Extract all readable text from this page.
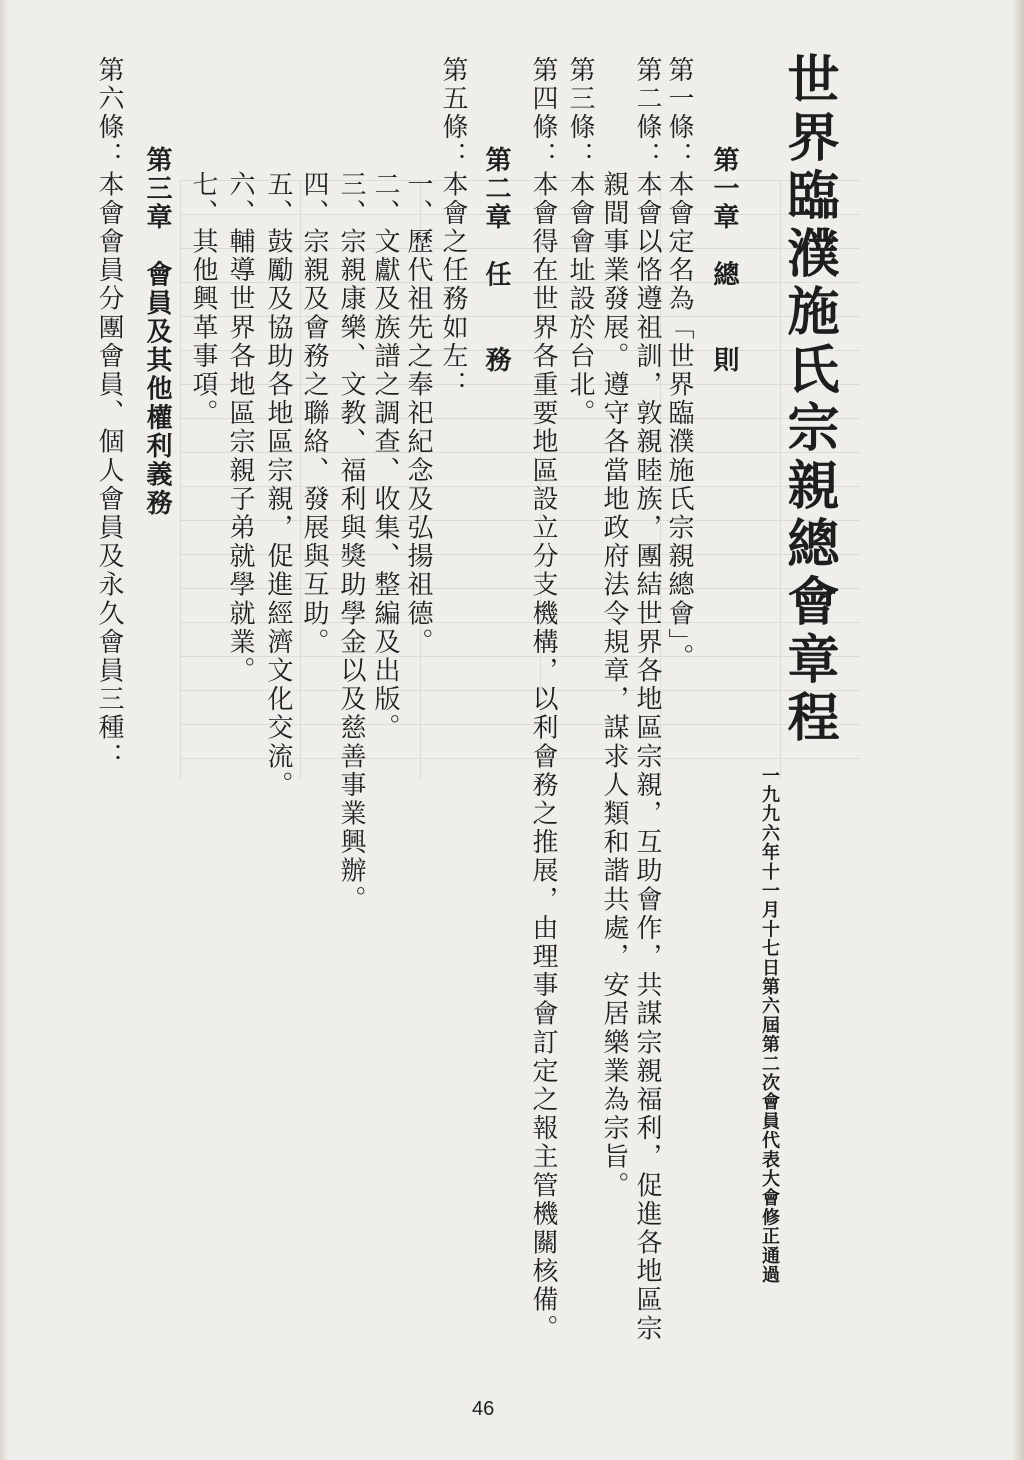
世界臨濮施氏宗親總會章程
一九九六年十一月十七日第六屆第二次會員代表大會修正通過
第一章　總　　則
第一條：本會定名為「世界臨濮施氏宗親總會」。
第二條：本會以恪遵祖訓，敦親睦族，團結世界各地區宗親，互助會作，共謀宗親福利，促進各地區宗
　　　　親間事業發展。遵守各當地政府法令規章，謀求人類和諧共處，安居樂業為宗旨。
第三條：本會會址設於台北。
第四條：本會得在世界各重要地區設立分支機構，以利會務之推展，由理事會訂定之報主管機關核備。
第二章　任　　務
第五條：本會之任務如左：
　　　　一、歷代祖先之奉祀紀念及弘揚祖德。
　　　　二、文獻及族譜之調查、收集、整編及出版。
　　　　三、宗親康樂、文教、福利與獎助學金以及慈善事業興辦。
　　　　四、宗親及會務之聯絡、發展與互助。
　　　　五、鼓勵及協助各地區宗親，促進經濟文化交流。
　　　　六、輔導世界各地區宗親子弟就學就業。
　　　　七、其他興革事項。
第三章　會員及其他權利義務
第六條：本會會員分團會員、個人會員及永久會員三種：
46
